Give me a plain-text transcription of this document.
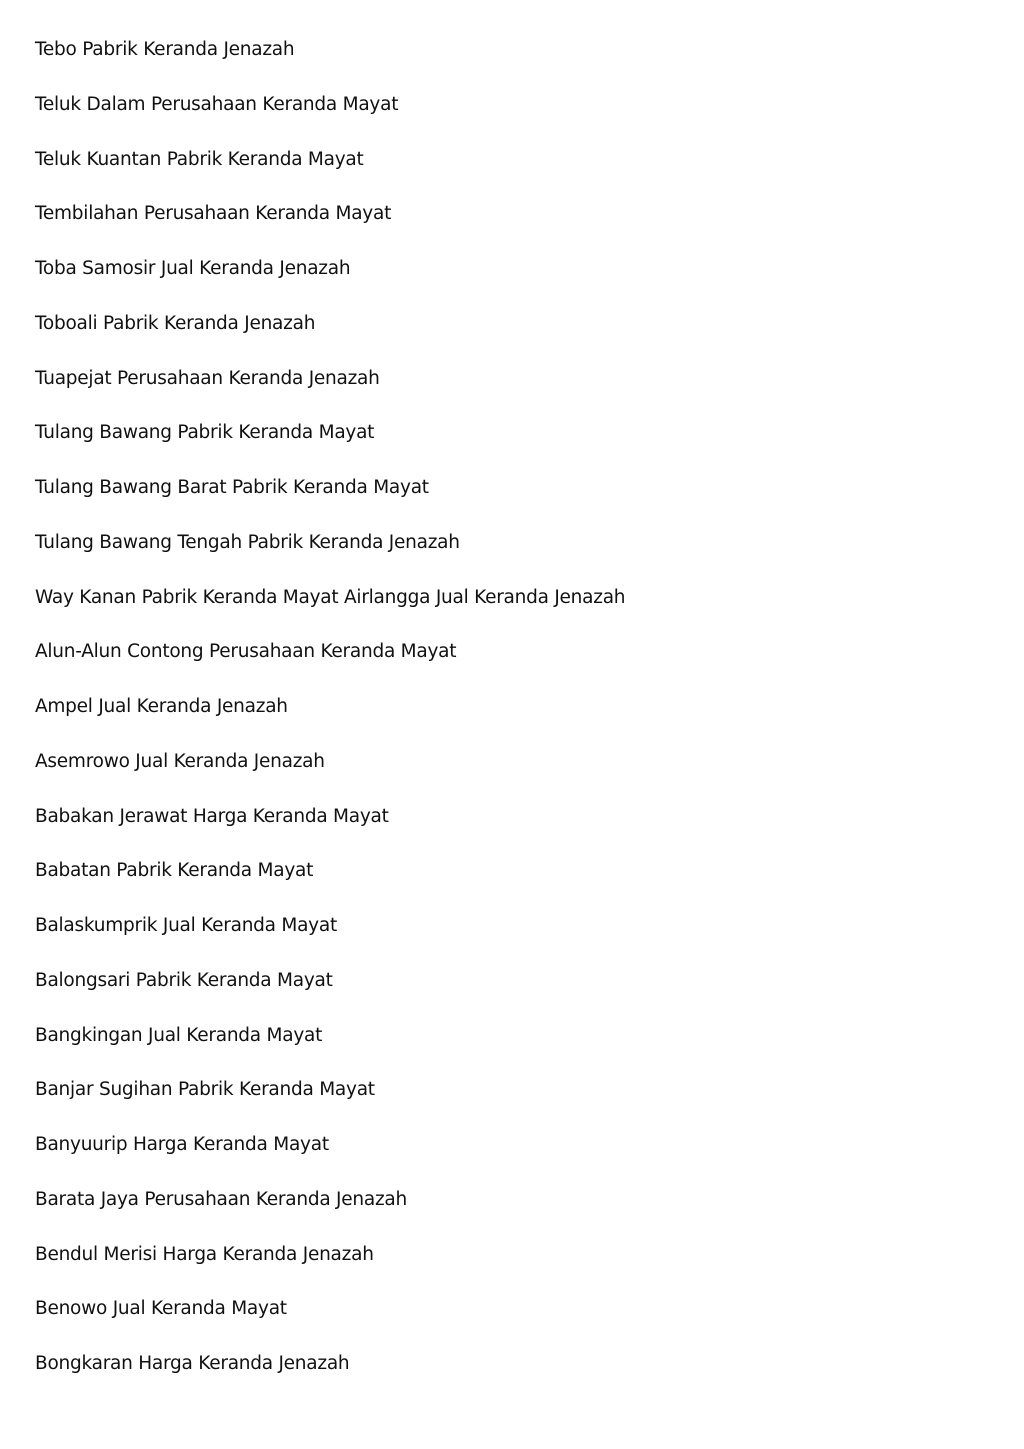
Tebo Pabrik Keranda Jenazah
Teluk Dalam Perusahaan Keranda Mayat
Teluk Kuantan Pabrik Keranda Mayat
Tembilahan Perusahaan Keranda Mayat
Toba Samosir Jual Keranda Jenazah
Toboali Pabrik Keranda Jenazah
Tuapejat Perusahaan Keranda Jenazah
Tulang Bawang Pabrik Keranda Mayat
Tulang Bawang Barat Pabrik Keranda Mayat
Tulang Bawang Tengah Pabrik Keranda Jenazah
Way Kanan Pabrik Keranda Mayat Airlangga Jual Keranda Jenazah
Alun-Alun Contong Perusahaan Keranda Mayat
Ampel Jual Keranda Jenazah
Asemrowo Jual Keranda Jenazah
Babakan Jerawat Harga Keranda Mayat
Babatan Pabrik Keranda Mayat
Balaskumprik Jual Keranda Mayat
Balongsari Pabrik Keranda Mayat
Bangkingan Jual Keranda Mayat
Banjar Sugihan Pabrik Keranda Mayat
Banyuurip Harga Keranda Mayat
Barata Jaya Perusahaan Keranda Jenazah
Bendul Merisi Harga Keranda Jenazah
Benowo Jual Keranda Mayat
Bongkaran Harga Keranda Jenazah
